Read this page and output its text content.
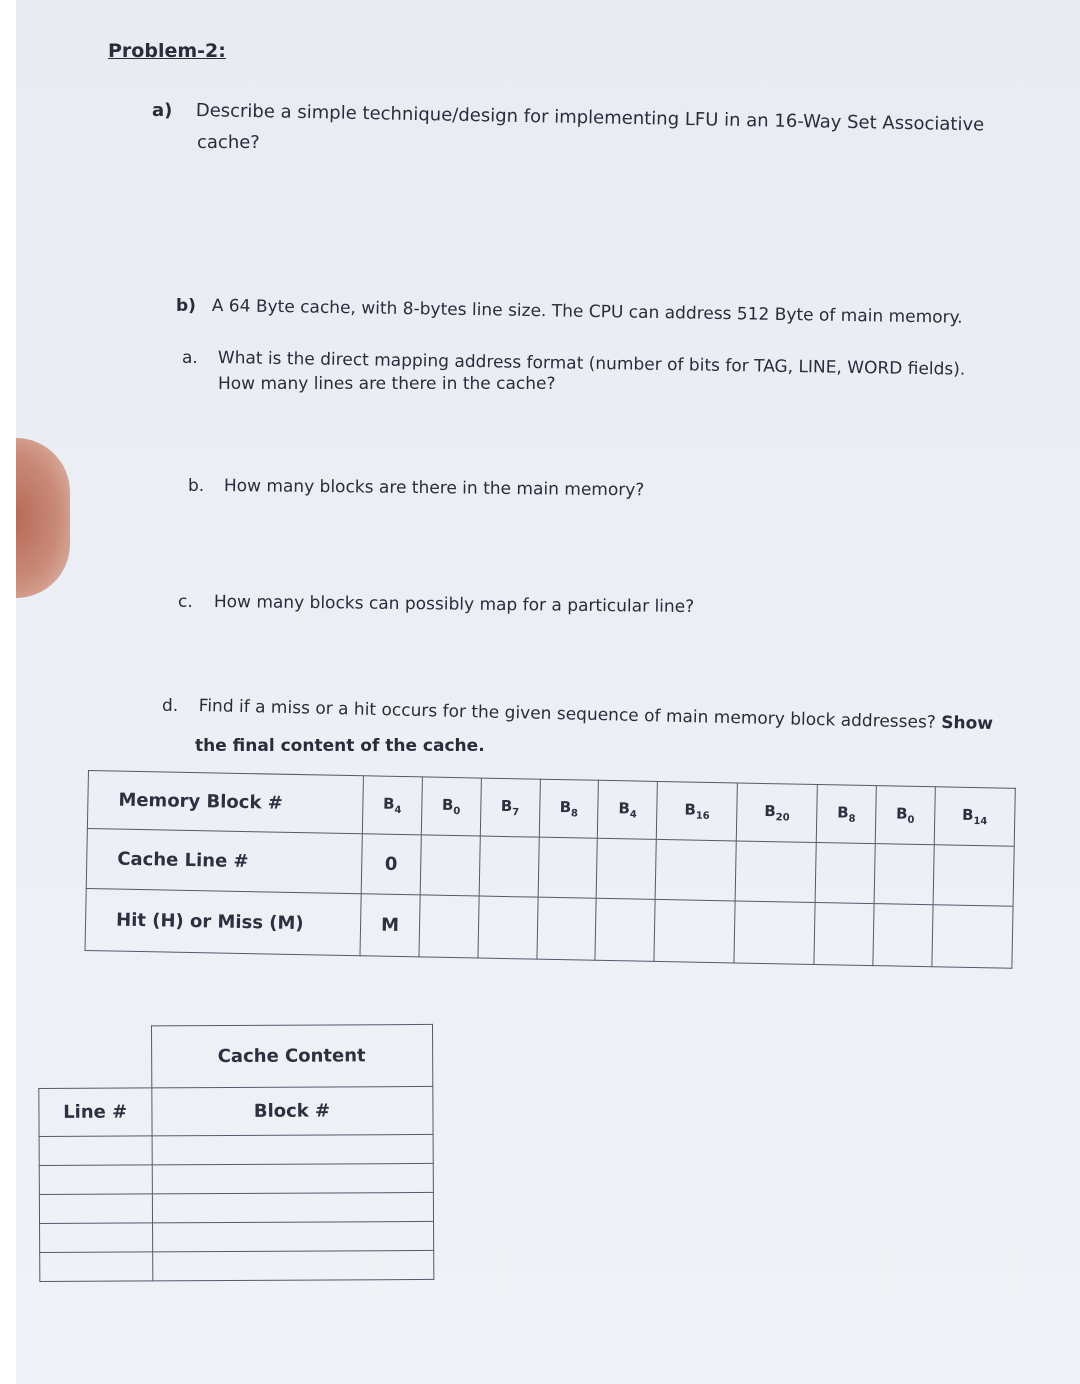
Problem-2:
a) Describe a simple technique/design for implementing LFU in an 16-Way Set Associative
cache?
b) A 64 Byte cache, with 8-bytes line size. The CPU can address 512 Byte of main memory.
a. What is the direct mapping address format (number of bits for TAG, LINE, WORD fields).
How many lines are there in the cache?
b. How many blocks are there in the main memory?
c. How many blocks can possibly map for a particular line?
d. Find if a miss or a hit occurs for the given sequence of main memory block addresses? Show
the final content of the cache.
Memory Block #	$B_4$	$B_0$	$B_7$	$B_8$	$B_4$	$B_{16}$	$B_{20}$	$B_8$	$B_0$	$B_{14}$
Cache Line #	0									
Hit (H) or Miss (M)	M									
	Cache Content
Line #	Block #
